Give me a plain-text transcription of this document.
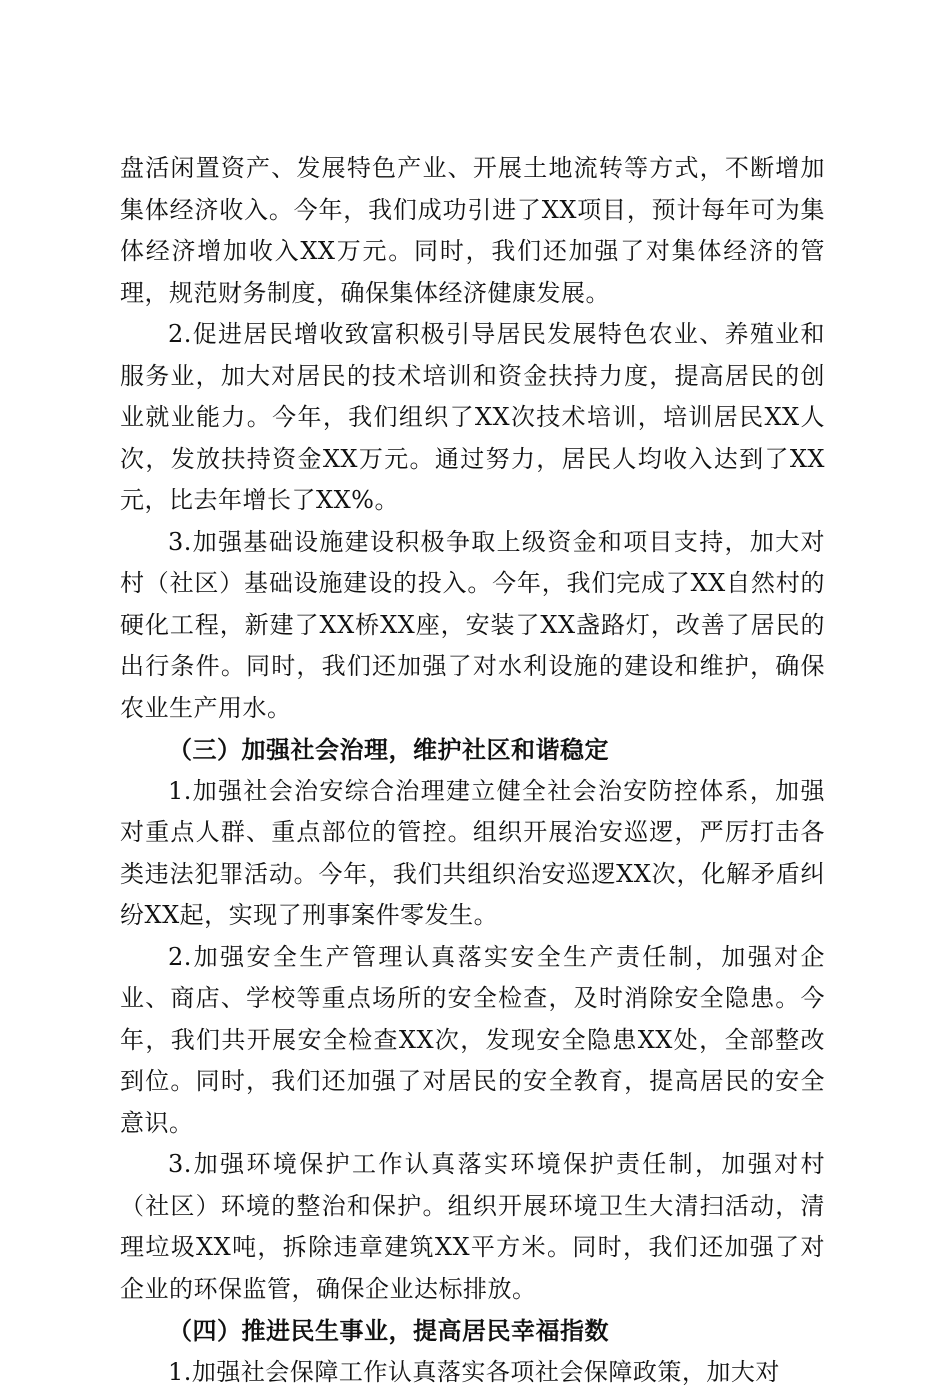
盘活闲置资产、发展特色产业、开展土地流转等方式，不断增加集体经济收入。今年，我们成功引进了XX项目，预计每年可为集体经济增加收入XX万元。同时，我们还加强了对集体经济的管理，规范财务制度，确保集体经济健康发展。

2.促进居民增收致富积极引导居民发展特色农业、养殖业和服务业，加大对居民的技术培训和资金扶持力度，提高居民的创业就业能力。今年，我们组织了XX次技术培训，培训居民XX人次，发放扶持资金XX万元。通过努力，居民人均收入达到了XX元，比去年增长了XX%。

3.加强基础设施建设积极争取上级资金和项目支持，加大对村（社区）基础设施建设的投入。今年，我们完成了XX自然村的硬化工程，新建了XX桥XX座，安装了XX盏路灯，改善了居民的出行条件。同时，我们还加强了对水利设施的建设和维护，确保农业生产用水。

（三）加强社会治理，维护社区和谐稳定

1.加强社会治安综合治理建立健全社会治安防控体系，加强对重点人群、重点部位的管控。组织开展治安巡逻，严厉打击各类违法犯罪活动。今年，我们共组织治安巡逻XX次，化解矛盾纠纷XX起，实现了刑事案件零发生。

2.加强安全生产管理认真落实安全生产责任制，加强对企业、商店、学校等重点场所的安全检查，及时消除安全隐患。今年，我们共开展安全检查XX次，发现安全隐患XX处，全部整改到位。同时，我们还加强了对居民的安全教育，提高居民的安全意识。

3.加强环境保护工作认真落实环境保护责任制，加强对村（社区）环境的整治和保护。组织开展环境卫生大清扫活动，清理垃圾XX吨，拆除违章建筑XX平方米。同时，我们还加强了对企业的环保监管，确保企业达标排放。

（四）推进民生事业，提高居民幸福指数

1.加强社会保障工作认真落实各项社会保障政策，加大对
